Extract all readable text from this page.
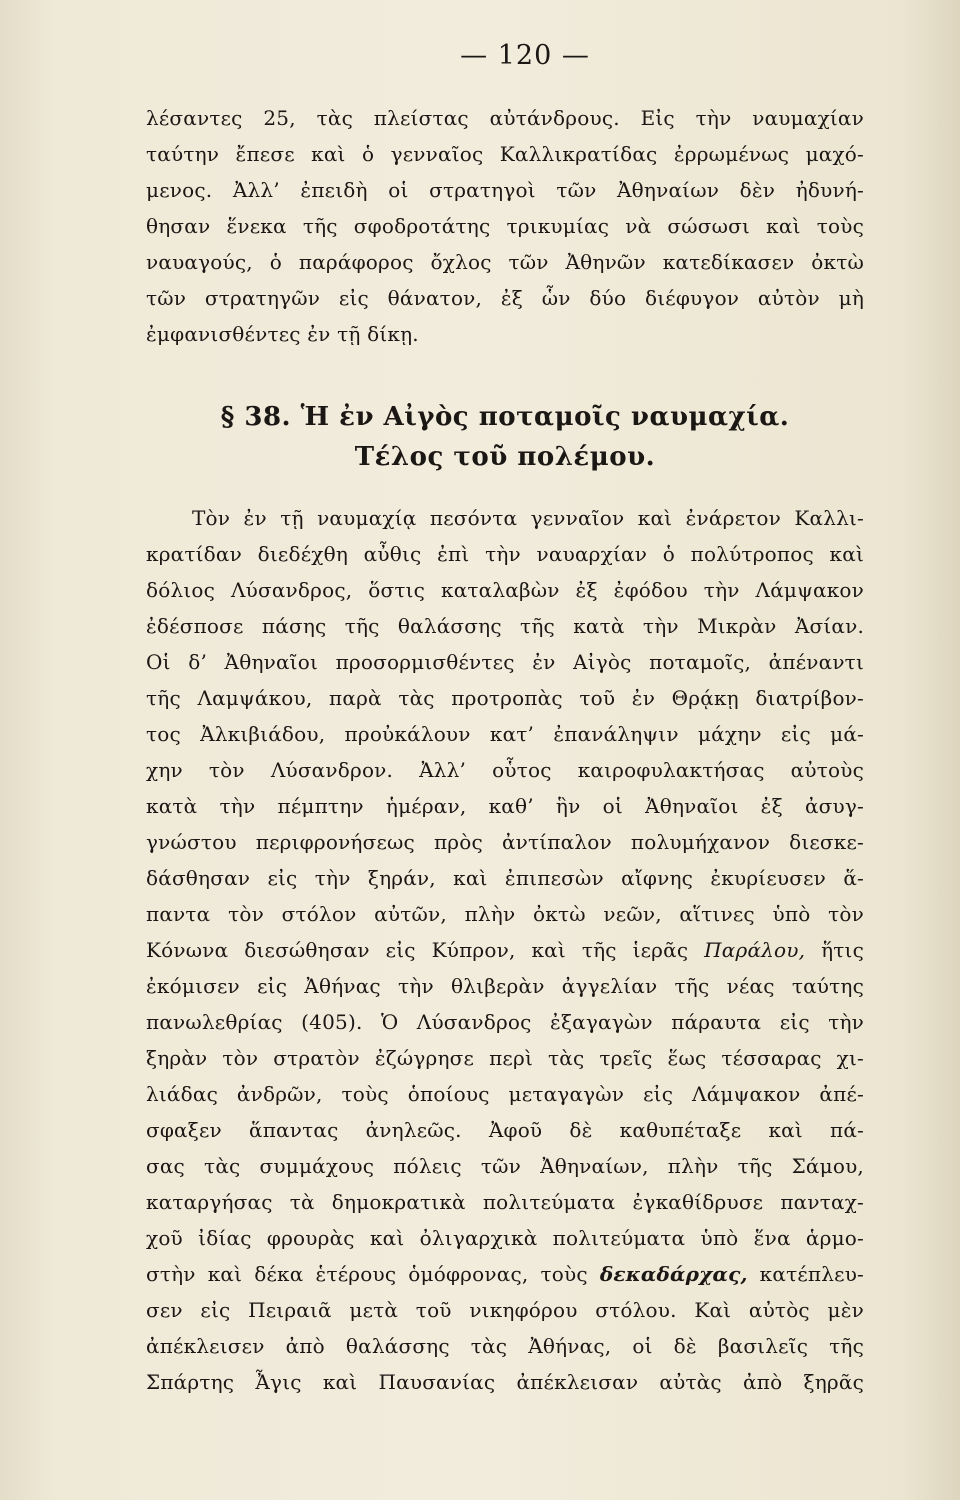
— 120 —
λέσαντες 25, τὰς πλείστας αὐτάνδρους. Εἰς τὴν ναυμαχίαν
ταύτην ἔπεσε καὶ ὁ γενναῖος Καλλικρατίδας ἐρρωμένως μαχό-
μενος. Ἀλλ’ ἐπειδὴ οἱ στρατηγοὶ τῶν Ἀθηναίων δὲν ἠδυνή-
θησαν ἕνεκα τῆς σφοδροτάτης τρικυμίας νὰ σώσωσι καὶ τοὺς
ναυαγούς, ὁ παράφορος ὄχλος τῶν Ἀθηνῶν κατεδίκασεν ὀκτὼ
τῶν στρατηγῶν εἰς θάνατον, ἐξ ὧν δύο διέφυγον αὐτὸν μὴ
ἐμφανισθέντες ἐν τῇ δίκῃ.
§ 38. Ἡ ἐν Αἰγὸς ποταμοῖς ναυμαχία.
Τέλος τοῦ πολέμου.
Τὸν ἐν τῇ ναυμαχίᾳ πεσόντα γενναῖον καὶ ἐνάρετον Καλλι-
κρατίδαν διεδέχθη αὖθις ἐπὶ τὴν ναυαρχίαν ὁ πολύτροπος καὶ
δόλιος Λύσανδρος, ὅστις καταλαβὼν ἐξ ἐφόδου τὴν Λάμψακον
ἐδέσποσε πάσης τῆς θαλάσσης τῆς κατὰ τὴν Μικρὰν Ἀσίαν.
Οἱ δ’ Ἀθηναῖοι προσορμισθέντες ἐν Αἰγὸς ποταμοῖς, ἀπέναντι
τῆς Λαμψάκου, παρὰ τὰς προτροπὰς τοῦ ἐν Θρᾴκῃ διατρίβον-
τος Ἀλκιβιάδου, προὐκάλουν κατ’ ἐπανάληψιν μάχην εἰς μά-
χην τὸν Λύσανδρον. Ἀλλ’ οὗτος καιροφυλακτήσας αὐτοὺς
κατὰ τὴν πέμπτην ἡμέραν, καθ’ ἣν οἱ Ἀθηναῖοι ἐξ ἀσυγ-
γνώστου περιφρονήσεως πρὸς ἀντίπαλον πολυμήχανον διεσκε-
δάσθησαν εἰς τὴν ξηράν, καὶ ἐπιπεσὼν αἴφνης ἐκυρίευσεν ἅ-
παντα τὸν στόλον αὐτῶν, πλὴν ὀκτὼ νεῶν, αἵτινες ὑπὸ τὸν
Κόνωνα διεσώθησαν εἰς Κύπρον, καὶ τῆς ἱερᾶς Παράλου, ἥτις
ἐκόμισεν εἰς Ἀθήνας τὴν θλιβερὰν ἀγγελίαν τῆς νέας ταύτης
πανωλεθρίας (405). Ὁ Λύσανδρος ἐξαγαγὼν πάραυτα εἰς τὴν
ξηρὰν τὸν στρατὸν ἐζώγρησε περὶ τὰς τρεῖς ἕως τέσσαρας χι-
λιάδας ἀνδρῶν, τοὺς ὁποίους μεταγαγὼν εἰς Λάμψακον ἀπέ-
σφαξεν ἅπαντας ἀνηλεῶς. Ἀφοῦ δὲ καθυπέταξε καὶ πά-
σας τὰς συμμάχους πόλεις τῶν Ἀθηναίων, πλὴν τῆς Σάμου,
καταργήσας τὰ δημοκρατικὰ πολιτεύματα ἐγκαθίδρυσε πανταχ-
χοῦ ἰδίας φρουρὰς καὶ ὀλιγαρχικὰ πολιτεύματα ὑπὸ ἕνα ἁρμο-
στὴν καὶ δέκα ἑτέρους ὁμόφρονας, τοὺς δεκαδάρχας, κατέπλευ-
σεν εἰς Πειραιᾶ μετὰ τοῦ νικηφόρου στόλου. Καὶ αὐτὸς μὲν
ἀπέκλεισεν ἀπὸ θαλάσσης τὰς Ἀθήνας, οἱ δὲ βασιλεῖς τῆς
Σπάρτης Ἆγις καὶ Παυσανίας ἀπέκλεισαν αὐτὰς ἀπὸ ξηρᾶς
